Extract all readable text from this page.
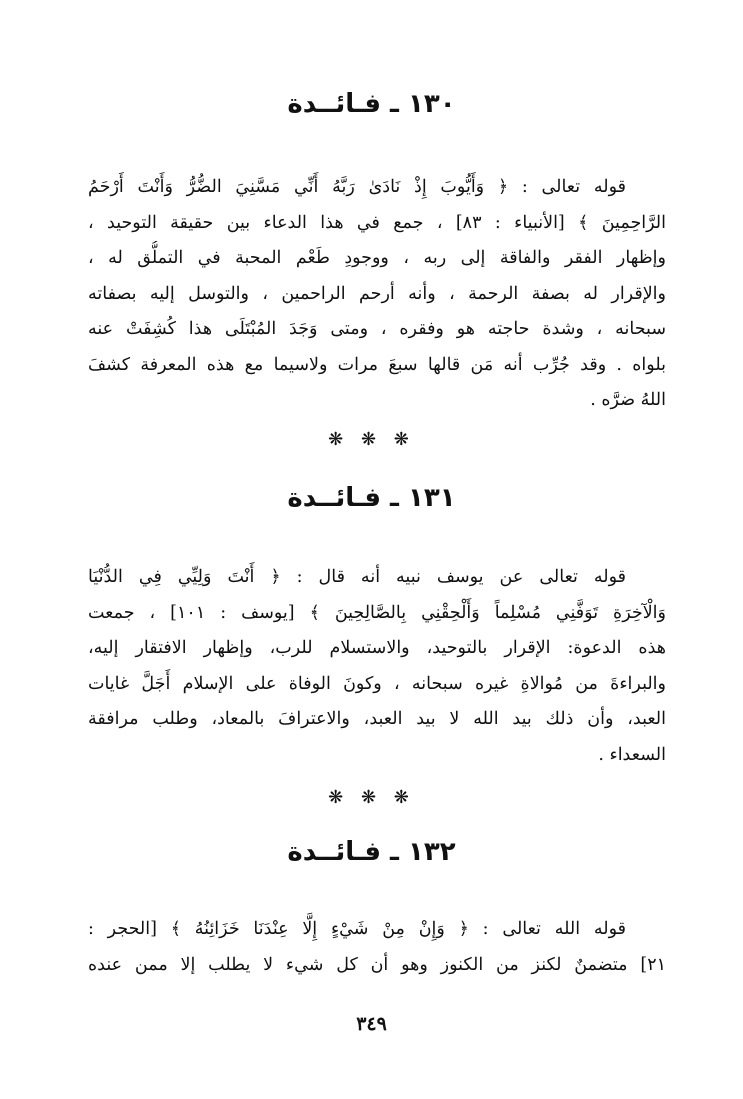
١٣٠ ـ فـائــدة
قوله تعالى : ﴿ وَأَيُّوبَ إِذْ نَادَىٰ رَبَّهُ أَنِّي مَسَّنِيَ الضُّرُّ وَأَنْتَ أَرْحَمُ
الرَّاحِمِينَ ﴾ [الأنبياء : ٨٣] ، جمع في هذا الدعاء بين حقيقة التوحيد ،
وإظهار الفقر والفاقة إلى ربه ، ووجودِ طَعْم المحبة في التملُّق له ،
والإقرار له بصفة الرحمة ، وأنه أرحم الراحمين ، والتوسل إليه بصفاته
سبحانه ، وشدة حاجته هو وفقره ، ومتى وَجَدَ المُبْتَلَى هذا كُشِفَتْ عنه
بلواه . وقد جُرِّب أنه مَن قالها سبعَ مرات ولاسيما مع هذه المعرفة كشفَ
اللهُ ضرَّه .
❋ ❋ ❋
١٣١ ـ فـائــدة
قوله تعالى عن يوسف نبيه أنه قال : ﴿ أَنْتَ وَلِيِّي فِي الدُّنْيَا
وَالْآخِرَةِ تَوَفَّنِي مُسْلِماً وَأَلْحِقْنِي بِالصَّالِحِينَ ﴾ [يوسف : ١٠١] ، جمعت
هذه الدعوة: الإقرار بالتوحيد، والاستسلام للرب، وإظهار الافتقار إليه،
والبراءةَ من مُوالاةِ غيره سبحانه ، وكونَ الوفاة على الإسلام أَجَلَّ غايات
العبد، وأن ذلك بيد الله لا بيد العبد، والاعترافَ بالمعاد، وطلب مرافقة
السعداء .
❋ ❋ ❋
١٣٢ ـ فـائــدة
قوله الله تعالى : ﴿ وَإِنْ مِنْ شَيْءٍ إِلَّا عِنْدَنَا خَزَائِنُهُ ﴾ [الحجر :
٢١] متضمنٌ لكنز من الكنوز وهو أن كل شيء لا يطلب إلا ممن عنده
٣٤٩
